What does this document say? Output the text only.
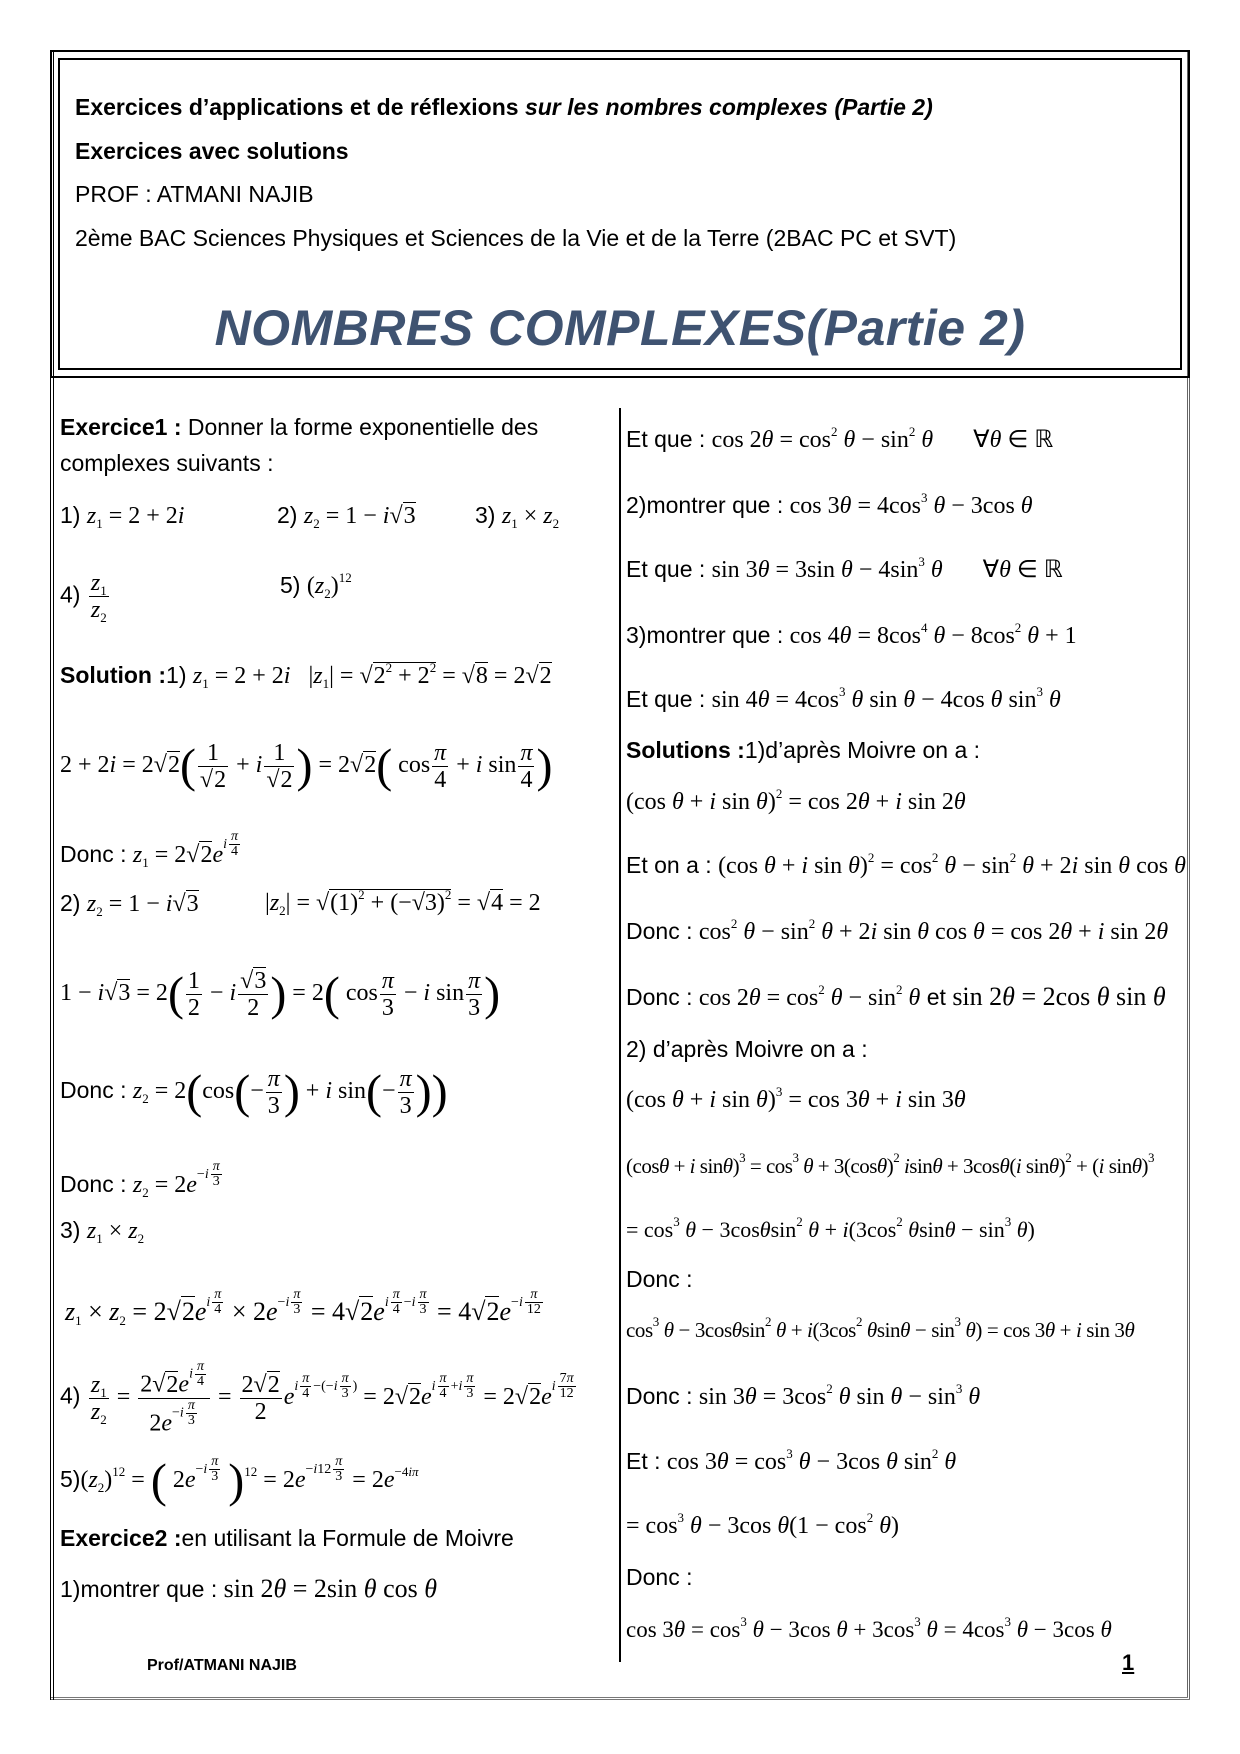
Exercices d’applications et de réflexions sur les nombres complexes (Partie 2)
Exercices avec solutions
PROF : ATMANI NAJIB
2ème BAC Sciences Physiques et Sciences de la Vie et de la Terre (2BAC PC et SVT)
NOMBRES COMPLEXES(Partie 2)
Exercice1 : Donner la forme exponentielle des
complexes suivants :
1) $z_1 = 2 + 2i$	2) $z_2 = 1 - i√3$	3) $z_1 \times z_2$
$4) \frac{z_1}{z_2}$	5) $(z_2)^{12}$
Solution :1) $z_1 = 2 + 2i$   $|z_1| = √2^2 + 2^2 = √8 = 2√2$
$2 + 2i = 2√2( \frac{1}{√2} + i \frac{1}{√2}$ ) = 2√2( $\cos \frac{\pi}{4} + i$ $\sin \frac{\pi}{4}$ )
Donc : $z_1 = 2√2ei \frac{\pi}{4}$
2) $z_2 = 1 - i√3$	$|z_2| = √(1)^2 + (-√3)^2 = √4 = 2$
$1 - i√3 = 2( \frac{1}{2} - i \frac{√3}{2}$ ) = 2( $\cos \frac{\pi}{3} - i$ $\sin \frac{\pi}{3}$ )
Donc : $z_2 = 2(\cos(- \frac{\pi}{3}$ ) + i $\sin(- \frac{\pi}{3}$ ))
Donc : $z_2 = 2e-i \frac{\pi}{3}$
3) $z_1 \times z_2$
$z_1 \times z_2 = 2√2ei \frac{\pi}{4} \times 2e-i \frac{\pi}{3} = 4√2ei \frac{\pi}{4} -i \frac{\pi}{3} = 4√2e-i \frac{\pi}{12}$
$4) \frac{z_1}{z_2} = \frac{2√2ei \frac{\pi}{4}}{2e-i \frac{\pi}{3}} = \frac{2√2}{2}$ ei $\frac{\pi}{4} -(-i \frac{\pi}{3}$ ) = $2√2ei \frac{\pi}{4} +i \frac{\pi}{3} = 2√2ei \frac{7\pi}{12}$
$5)(z_2)^{12}$ = ( $2e-i \frac{\pi}{3} )^{12} = 2e-i12 \frac{\pi}{3} = 2e^{-4i\pi}$
Exercice2 :en utilisant la Formule de Moivre
1)montrer que : sin 2θ = 2sin θ cos θ
Et que : $\cos 2\theta = \cos^2 \theta - \sin^2 \theta$ ∀θ ∈ ℝ
2)montrer que : $\cos 3\theta = 4\cos^3$ θ − 3cos θ
Et que : sin 3θ = 3sin $\theta - 4\sin^3$ θ ∀θ ∈ ℝ
3)montrer que : $\cos 4\theta = 8\cos^4$ $\theta - 8\cos^2$ θ + 1
Et que : $\sin 4\theta = 4\cos^3$ θ sin θ − 4cos θ $\sin^3 \theta$
Solutions :1)d’après Moivre on a :
(cos θ + i sin θ)$^2$ = cos 2θ + i sin 2θ
Et on a : (cos θ + i $\sin \theta)^2 = \cos^2 \theta - \sin^2 \theta + 2i$ sin θ cos θ
Donc : $\cos^2 \theta - \sin^2 \theta + 2i$ sin θ cos θ = cos 2θ + i sin 2θ
Donc : $\cos 2\theta = \cos^2 \theta - \sin^2 \theta$ et sin 2θ = 2cos θ sin θ
2) d’après Moivre on a :
(cos θ + i sin θ)$^3$ = cos 3θ + i sin 3θ
(cosθ + i $\sin\theta)^3 = \cos^3 \theta + 3(\cos\theta)^2$ isinθ + 3cosθ(i sinθ)$^2$ + (i sinθ)$^3$
= $\cos^3 \theta - 3\cos\theta\sin^2$ $\theta + i(3\cos^2$ $\theta\sin\theta - \sin^3 \theta$)
Donc :
$\cos^3 \theta - 3\cos\theta\sin^2$ $\theta + i(3\cos^2$ $\theta\sin\theta - \sin^3 \theta) = \cos 3\theta + i$ sin 3θ
Donc : $\sin 3\theta = 3\cos^2$ θ $\sin \theta - \sin^3 \theta$
Et : $\cos 3\theta = \cos^3 \theta - 3\cos$ θ $\sin^2 \theta$
= $\cos^3 \theta - 3\cos$ $\theta(1 - \cos^2 \theta)$
Donc :
$\cos 3\theta = \cos^3 \theta - 3\cos$ $\theta + 3\cos^3$ $\theta = 4\cos^3$ θ − 3cos θ
Prof/ATMANI NAJIB	1
